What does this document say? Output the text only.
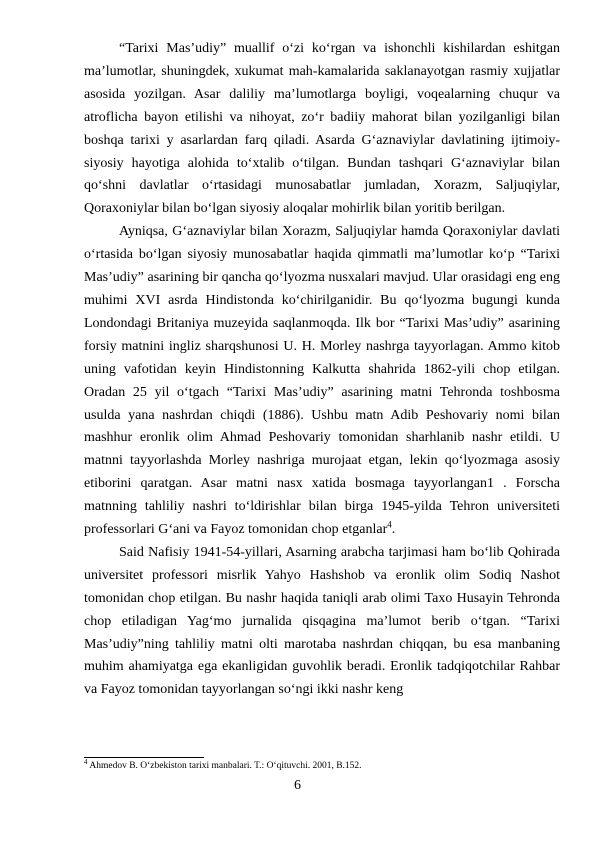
“Tarixi Mas’udiy” muallif o‘zi ko‘rgan va ishonchli kishilardan eshitgan ma’lumotlar, shuningdek, xukumat mah-kamalarida saklanayotgan rasmiy xujjatlar asosida yozilgan. Asar daliliy ma’lumotlarga boyligi, voqealarning chuqur va atroflicha bayon etilishi va nihoyat, zo‘r badiiy mahorat bilan yozilganligi bilan boshqa tarixi y asarlardan farq qiladi. Asarda G‘aznaviylar davlatining ijtimoiy-siyosiy hayotiga alohida to‘xtalib o‘tilgan. Bundan tashqari G‘aznaviylar bilan qo‘shni davlatlar o‘rtasidagi munosabatlar jumladan, Xorazm, Saljuqiylar, Qoraxoniylar bilan bo‘lgan siyosiy aloqalar mohirlik bilan yoritib berilgan.

Ayniqsa, G‘aznaviylar bilan Xorazm, Saljuqiylar hamda Qoraxoniylar davlati o‘rtasida bo‘lgan siyosiy munosabatlar haqida qimmatli ma’lumotlar ko‘p “Tarixi Mas’udiy” asarining bir qancha qo‘lyozma nusxalari mavjud. Ular orasidagi eng eng muhimi XVI asrda Hindistonda ko‘chirilganidir. Bu qo‘lyozma bugungi kunda Londondagi Britaniya muzeyida saqlanmoqda. Ilk bor “Tarixi Mas’udiy” asarining forsiy matnini ingliz sharqshunosi U. H. Morley nashrga tayyorlagan. Ammo kitob uning vafotidan keyin Hindistonning Kalkutta shahrida 1862-yili chop etilgan. Oradan 25 yil o‘tgach “Tarixi Mas’udiy” asarining matni Tehronda toshbosma usulda yana nashrdan chiqdi (1886). Ushbu matn Adib Peshovariy nomi bilan mashhur eronlik olim Ahmad Peshovariy tomonidan sharhlanib nashr etildi. U matnni tayyorlashda Morley nashriga murojaat etgan, lekin qo‘lyozmaga asosiy etiborini qaratgan. Asar matni nasx xatida bosmaga tayyorlangan1 . Forscha matnning tahliliy nashri to‘ldirishlar bilan birga 1945-yilda Tehron universiteti professorlari G‘ani va Fayoz tomonidan chop etganlar$^4$.

Said Nafisiy 1941-54-yillari, Asarning arabcha tarjimasi ham bo‘lib Qohirada universitet professori misrlik Yahyo Hashshob va eronlik olim Sodiq Nashot tomonidan chop etilgan. Bu nashr haqida taniqli arab olimi Taxo Husayin Tehronda chop etiladigan Yag‘mo jurnalida qisqagina ma’lumot berib o‘tgan. “Tarixi Mas’udiy”ning tahliliy matni olti marotaba nashrdan chiqqan, bu esa manbaning muhim ahamiyatga ega ekanligidan guvohlik beradi. Eronlik tadqiqotchilar Rahbar va Fayoz tomonidan tayyorlangan so‘ngi ikki nashr keng

$^4$ Ahmedov B. O‘zbekiston tarixi manbalari. T.: O‘qituvchi. 2001, B.152.

6
